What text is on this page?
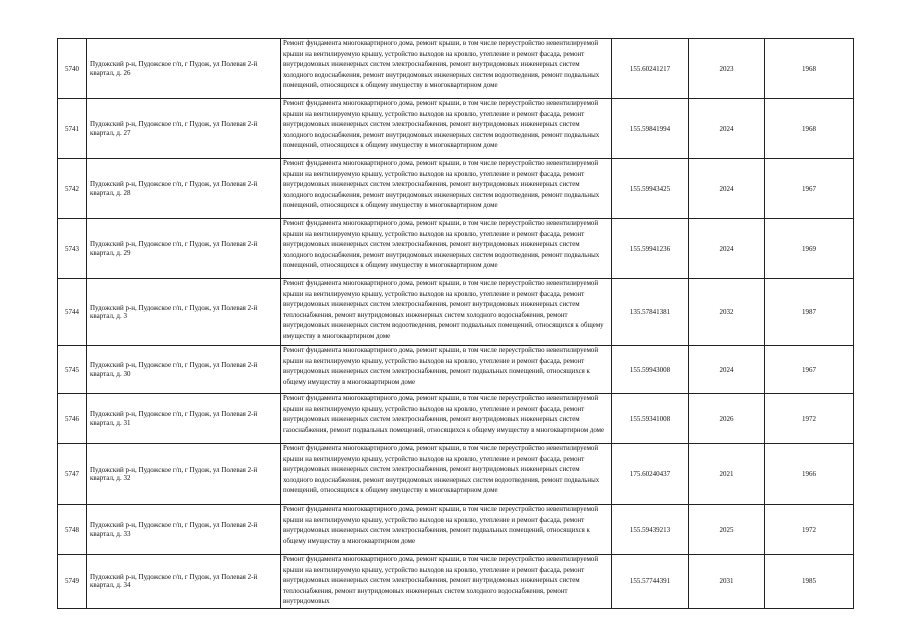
5740	Пудожский р-н, Пудожское г/п, г Пудож, ул Полевая 2-й квартал, д. 26	Ремонт фундамента многоквартирного дома, ремонт крыши, в том числе переустройство невентилируемой крыши на вентилируемую крышу, устройство выходов на кровлю, утепление и ремонт фасада, ремонт внутридомовых инженерных систем электроснабжения, ремонт внутридомовых инженерных систем холодного водоснабжения, ремонт внутридомовых инженерных систем водоотведения, ремонт подвальных помещений, относящихся к общему имуществу в многоквартирном доме	155.60241217	2023	1968
5741	Пудожский р-н, Пудожское г/п, г Пудож, ул Полевая 2-й квартал, д. 27	Ремонт фундамента многоквартирного дома, ремонт крыши, в том числе переустройство невентилируемой крыши на вентилируемую крышу, устройство выходов на кровлю, утепление и ремонт фасада, ремонт внутридомовых инженерных систем электроснабжения, ремонт внутридомовых инженерных систем холодного водоснабжения, ремонт внутридомовых инженерных систем водоотведения, ремонт подвальных помещений, относящихся к общему имуществу в многоквартирном доме	155.59841994	2024	1968
5742	Пудожский р-н, Пудожское г/п, г Пудож, ул Полевая 2-й квартал, д. 28	Ремонт фундамента многоквартирного дома, ремонт крыши, в том числе переустройство невентилируемой крыши на вентилируемую крышу, устройство выходов на кровлю, утепление и ремонт фасада, ремонт внутридомовых инженерных систем электроснабжения, ремонт внутридомовых инженерных систем холодного водоснабжения, ремонт внутридомовых инженерных систем водоотведения, ремонт подвальных помещений, относящихся к общему имуществу в многоквартирном доме	155.59943425	2024	1967
5743	Пудожский р-н, Пудожское г/п, г Пудож, ул Полевая 2-й квартал, д. 29	Ремонт фундамента многоквартирного дома, ремонт крыши, в том числе переустройство невентилируемой крыши на вентилируемую крышу, устройство выходов на кровлю, утепление и ремонт фасада, ремонт внутридомовых инженерных систем электроснабжения, ремонт внутридомовых инженерных систем холодного водоснабжения, ремонт внутридомовых инженерных систем водоотведения, ремонт подвальных помещений, относящихся к общему имуществу в многоквартирном доме	155.59941236	2024	1969
5744	Пудожский р-н, Пудожское г/п, г Пудож, ул Полевая 2-й квартал, д. 3	Ремонт фундамента многоквартирного дома, ремонт крыши, в том числе переустройство невентилируемой крыши на вентилируемую крышу, устройство выходов на кровлю, утепление и ремонт фасада, ремонт внутридомовых инженерных систем электроснабжения, ремонт внутридомовых инженерных систем теплоснабжения, ремонт внутридомовых инженерных систем холодного водоснабжения, ремонт внутридомовых инженерных систем водоотведения, ремонт подвальных помещений, относящихся к общему имуществу в многоквартирном доме	135.57841381	2032	1987
5745	Пудожский р-н, Пудожское г/п, г Пудож, ул Полевая 2-й квартал, д. 30	Ремонт фундамента многоквартирного дома, ремонт крыши, в том числе переустройство невентилируемой крыши на вентилируемую крышу, устройство выходов на кровлю, утепление и ремонт фасада, ремонт внутридомовых инженерных систем электроснабжения, ремонт подвальных помещений, относящихся к общему имуществу в многоквартирном доме	155.59943008	2024	1967
5746	Пудожский р-н, Пудожское г/п, г Пудож, ул Полевая 2-й квартал, д. 31	Ремонт фундамента многоквартирного дома, ремонт крыши, в том числе переустройство невентилируемой крыши на вентилируемую крышу, устройство выходов на кровлю, утепление и ремонт фасада, ремонт внутридомовых инженерных систем электроснабжения, ремонт внутридомовых инженерных систем газоснабжения, ремонт подвальных помещений, относящихся к общему имуществу в многоквартирном доме	155.59341008	2026	1972
5747	Пудожский р-н, Пудожское г/п, г Пудож, ул Полевая 2-й квартал, д. 32	Ремонт фундамента многоквартирного дома, ремонт крыши, в том числе переустройство невентилируемой крыши на вентилируемую крышу, устройство выходов на кровлю, утепление и ремонт фасада, ремонт внутридомовых инженерных систем электроснабжения, ремонт внутридомовых инженерных систем холодного водоснабжения, ремонт внутридомовых инженерных систем водоотведения, ремонт подвальных помещений, относящихся к общему имуществу в многоквартирном доме	175.60240437	2021	1966
5748	Пудожский р-н, Пудожское г/п, г Пудож, ул Полевая 2-й квартал, д. 33	Ремонт фундамента многоквартирного дома, ремонт крыши, в том числе переустройство невентилируемой крыши на вентилируемую крышу, устройство выходов на кровлю, утепление и ремонт фасада, ремонт внутридомовых инженерных систем электроснабжения, ремонт подвальных помещений, относящихся к общему имуществу в многоквартирном доме	155.59439213	2025	1972
5749	Пудожский р-н, Пудожское г/п, г Пудож, ул Полевая 2-й квартал, д. 34	Ремонт фундамента многоквартирного дома, ремонт крыши, в том числе переустройство невентилируемой крыши на вентилируемую крышу, устройство выходов на кровлю, утепление и ремонт фасада, ремонт внутридомовых инженерных систем электроснабжения, ремонт внутридомовых инженерных систем теплоснабжения, ремонт внутридомовых инженерных систем холодного водоснабжения, ремонт внутридомовых	155.57744391	2031	1985
